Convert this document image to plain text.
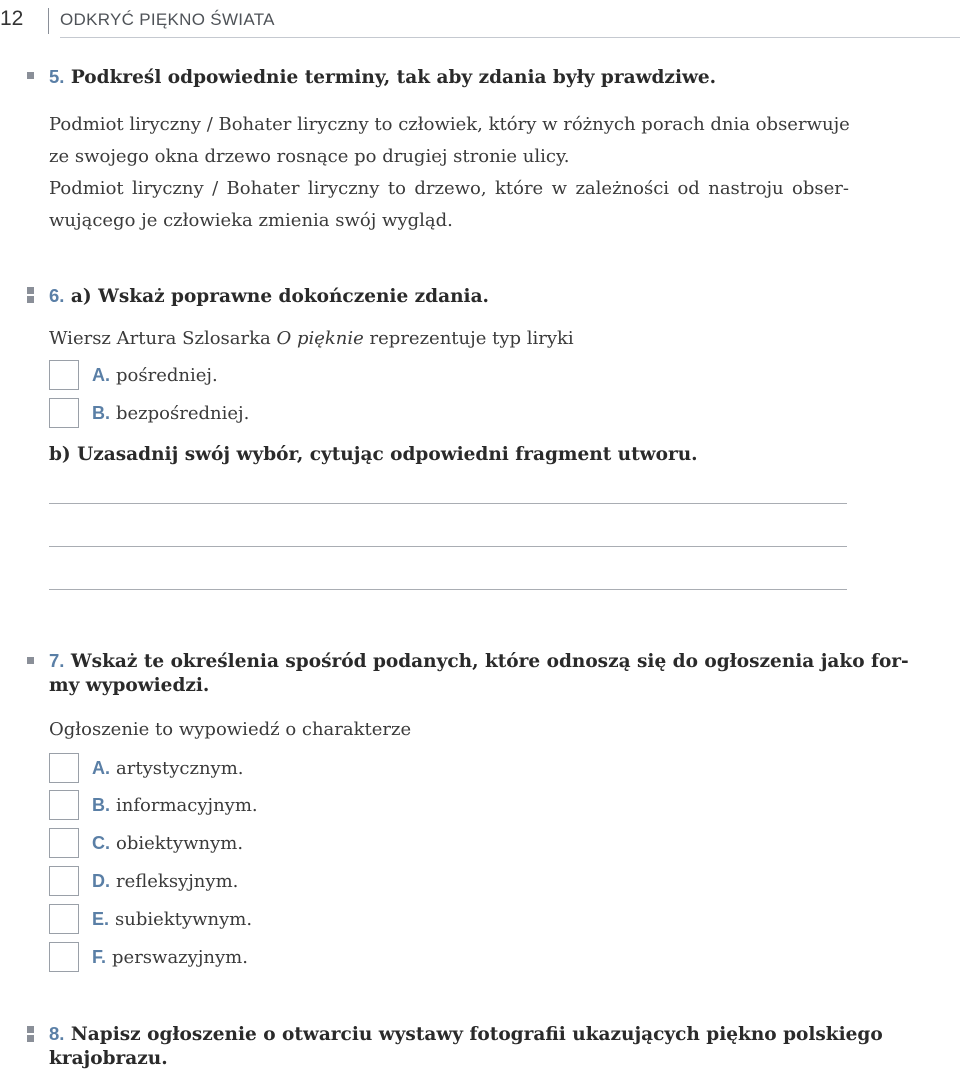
12 ODKRYĆ PIĘKNO ŚWIATA
5. Podkreśl odpowiednie terminy, tak aby zdania były prawdziwe.
Podmiot liryczny / Bohater liryczny to człowiek, który w różnych porach dnia obserwuje
ze swojego okna drzewo rosnące po drugiej stronie ulicy.
Podmiot liryczny / Bohater liryczny to drzewo, które w zależności od nastroju obser-
wującego je człowieka zmienia swój wygląd.
6. a) Wskaż poprawne dokończenie zdania.
Wiersz Artura Szlosarka O pięknie reprezentuje typ liryki
A. pośredniej.
B. bezpośredniej.
b) Uzasadnij swój wybór, cytując odpowiedni fragment utworu.
7. Wskaż te określenia spośród podanych, które odnoszą się do ogłoszenia jako for-
my wypowiedzi.
Ogłoszenie to wypowiedź o charakterze
A. artystycznym.
B. informacyjnym.
C. obiektywnym.
D. refleksyjnym.
E. subiektywnym.
F. perswazyjnym.
8. Napisz ogłoszenie o otwarciu wystawy fotografii ukazujących piękno polskiego
krajobrazu.
